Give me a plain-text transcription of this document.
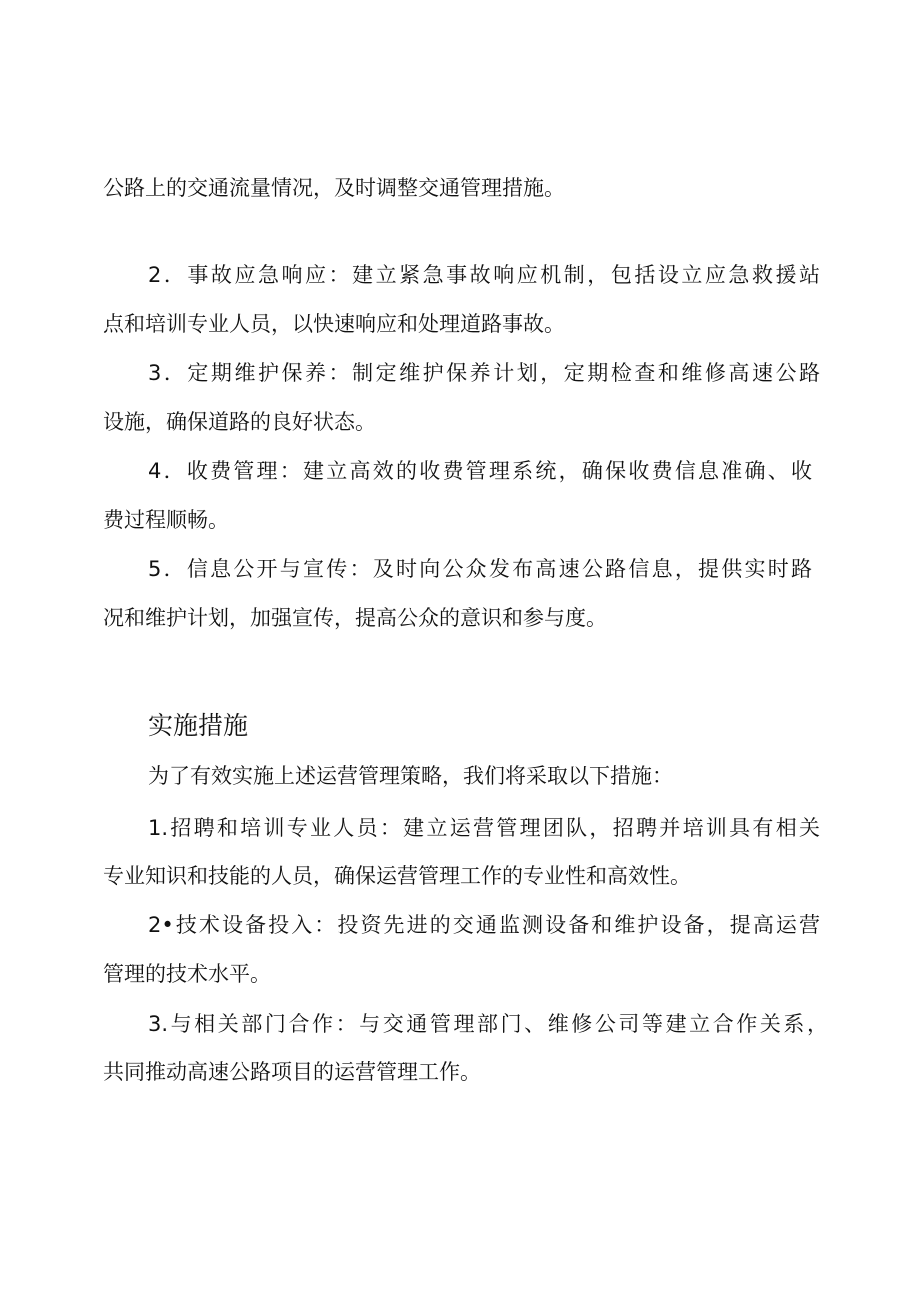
公路上的交通流量情况，及时调整交通管理措施。
2．事故应急响应：建立紧急事故响应机制，包括设立应急救援站
点和培训专业人员，以快速响应和处理道路事故。
3．定期维护保养：制定维护保养计划，定期检查和维修高速公路
设施，确保道路的良好状态。
4．收费管理：建立高效的收费管理系统，确保收费信息准确、收
费过程顺畅。
5．信息公开与宣传：及时向公众发布高速公路信息，提供实时路
况和维护计划，加强宣传，提高公众的意识和参与度。
实施措施
为了有效实施上述运营管理策略，我们将采取以下措施：
1.招聘和培训专业人员：建立运营管理团队，招聘并培训具有相关
专业知识和技能的人员，确保运营管理工作的专业性和高效性。
2•技术设备投入：投资先进的交通监测设备和维护设备，提高运营
管理的技术水平。
3.与相关部门合作：与交通管理部门、维修公司等建立合作关系，
共同推动高速公路项目的运营管理工作。
